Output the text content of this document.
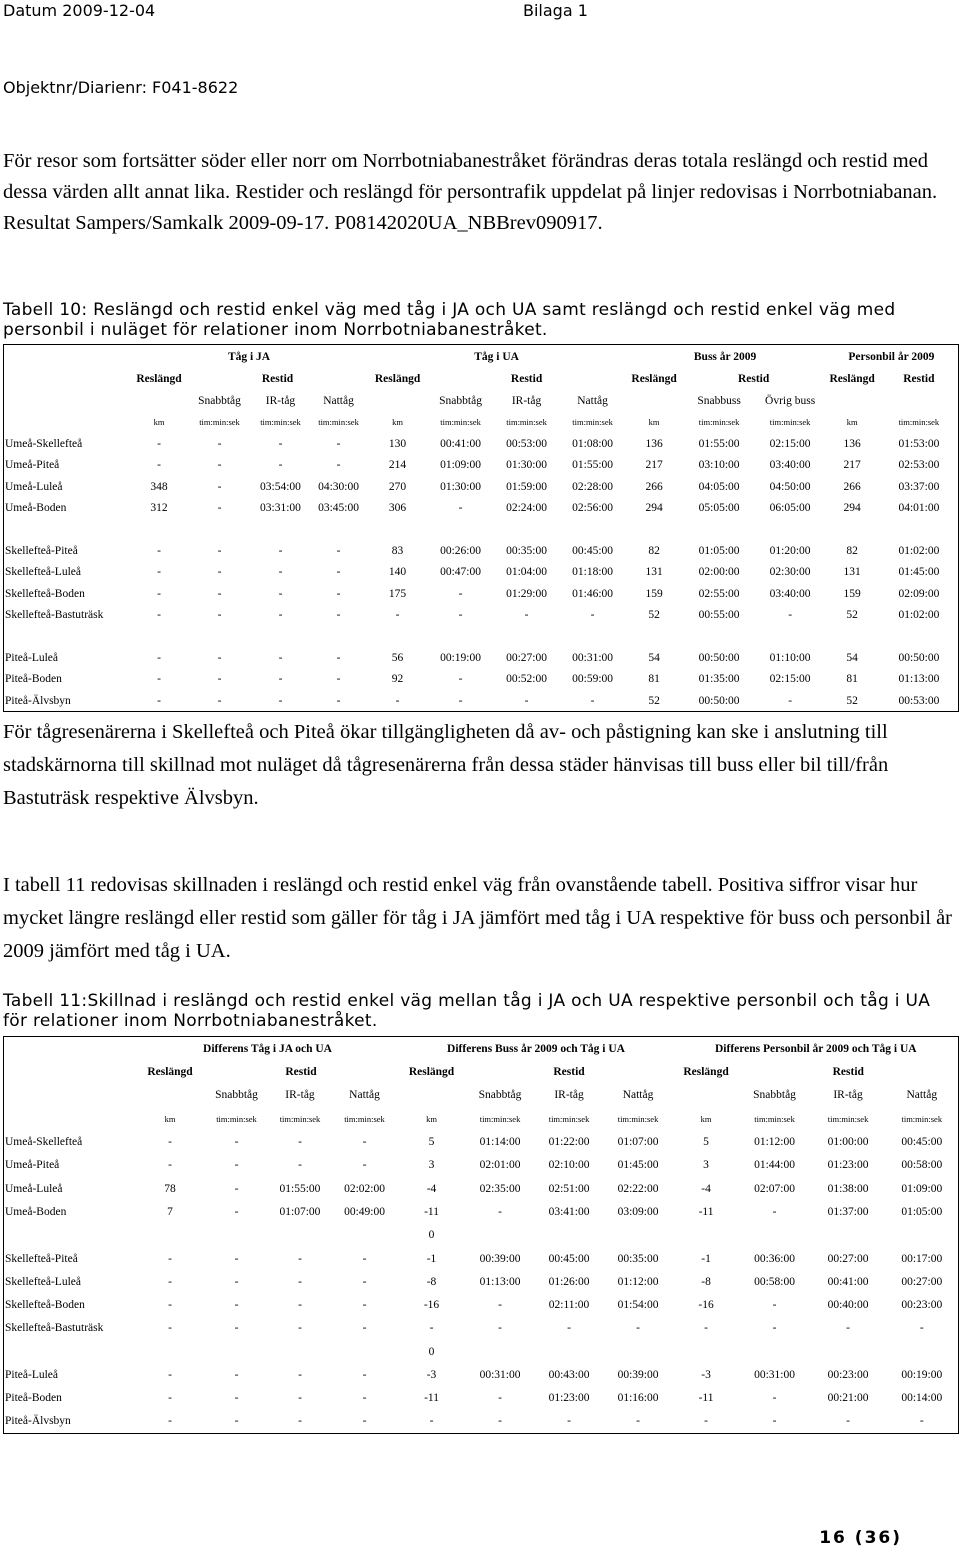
Datum 2009-12-04	Bilaga 1
Objektnr/Diarienr: F041-8622
För resor som fortsätter söder eller norr om Norrbotniabanestråket förändras deras totala reslängd och restid med dessa värden allt annat lika. Restider och reslängd för persontrafik uppdelat på linjer redovisas i Norrbotniabanan. Resultat Sampers/Samkalk 2009-09-17. P08142020UA_NBBrev090917.
Tabell 10: Reslängd och restid enkel väg med tåg i JA och UA samt reslängd och restid enkel väg med personbil i nuläget för relationer inom Norrbotniabanestråket.
	Tåg i JA				Tåg i UA				Buss år 2009			Personbil år 2009	
	Reslängd	Restid			Reslängd	Restid			Reslängd	Restid		Reslängd	Restid
		Snabbtåg	IR-tåg	Nattåg		Snabbtåg	IR-tåg	Nattåg		Snabbuss	Övrig buss		
	km	tim:min:sek	tim:min:sek	tim:min:sek	km	tim:min:sek	tim:min:sek	tim:min:sek	km	tim:min:sek	tim:min:sek	km	tim:min:sek
Umeå-Skellefteå	-	-	-	-	130	00:41:00	00:53:00	01:08:00	136	01:55:00	02:15:00	136	01:53:00
Umeå-Piteå	-	-	-	-	214	01:09:00	01:30:00	01:55:00	217	03:10:00	03:40:00	217	02:53:00
Umeå-Luleå	348	-	03:54:00	04:30:00	270	01:30:00	01:59:00	02:28:00	266	04:05:00	04:50:00	266	03:37:00
Umeå-Boden	312	-	03:31:00	03:45:00	306	-	02:24:00	02:56:00	294	05:05:00	06:05:00	294	04:01:00

Skellefteå-Piteå	-	-	-	-	83	00:26:00	00:35:00	00:45:00	82	01:05:00	01:20:00	82	01:02:00
Skellefteå-Luleå	-	-	-	-	140	00:47:00	01:04:00	01:18:00	131	02:00:00	02:30:00	131	01:45:00
Skellefteå-Boden	-	-	-	-	175	-	01:29:00	01:46:00	159	02:55:00	03:40:00	159	02:09:00
Skellefteå-Bastuträsk	-	-	-	-	-	-	-	-	52	00:55:00	-	52	01:02:00

Piteå-Luleå	-	-	-	-	56	00:19:00	00:27:00	00:31:00	54	00:50:00	01:10:00	54	00:50:00
Piteå-Boden	-	-	-	-	92	-	00:52:00	00:59:00	81	01:35:00	02:15:00	81	01:13:00
Piteå-Älvsbyn	-	-	-	-	-	-	-	-	52	00:50:00	-	52	00:53:00
För tågresenärerna i Skellefteå och Piteå ökar tillgängligheten då av- och påstigning kan ske i anslutning till stadskärnorna till skillnad mot nuläget då tågresenärerna från dessa städer hänvisas till buss eller bil till/från Bastuträsk respektive Älvsbyn.
I tabell 11 redovisas skillnaden i reslängd och restid enkel väg från ovanstående tabell. Positiva siffror visar hur mycket längre reslängd eller restid som gäller för tåg i JA jämfört med tåg i UA respektive för buss och personbil år 2009 jämfört med tåg i UA.
Tabell 11:Skillnad i reslängd och restid enkel väg mellan tåg i JA och UA respektive personbil och tåg i UA för relationer inom Norrbotniabanestråket.
	Differens Tåg i JA och UA				Differens Buss år 2009 och Tåg i UA				Differens Personbil år 2009 och Tåg i UA			
	Reslängd	Restid			Reslängd	Restid			Reslängd	Restid		
		Snabbtåg	IR-tåg	Nattåg		Snabbtåg	IR-tåg	Nattåg		Snabbtåg	IR-tåg	Nattåg
	km	tim:min:sek	tim:min:sek	tim:min:sek	km	tim:min:sek	tim:min:sek	tim:min:sek	km	tim:min:sek	tim:min:sek	tim:min:sek
Umeå-Skellefteå	-	-	-	-	5	01:14:00	01:22:00	01:07:00	5	01:12:00	01:00:00	00:45:00
Umeå-Piteå	-	-	-	-	3	02:01:00	02:10:00	01:45:00	3	01:44:00	01:23:00	00:58:00
Umeå-Luleå	78	-	01:55:00	02:02:00	-4	02:35:00	02:51:00	02:22:00	-4	02:07:00	01:38:00	01:09:00
Umeå-Boden	7	-	01:07:00	00:49:00	-11	-	03:41:00	03:09:00	-11	-	01:37:00	01:05:00
					0							
Skellefteå-Piteå	-	-	-	-	-1	00:39:00	00:45:00	00:35:00	-1	00:36:00	00:27:00	00:17:00
Skellefteå-Luleå	-	-	-	-	-8	01:13:00	01:26:00	01:12:00	-8	00:58:00	00:41:00	00:27:00
Skellefteå-Boden	-	-	-	-	-16	-	02:11:00	01:54:00	-16	-	00:40:00	00:23:00
Skellefteå-Bastuträsk	-	-	-	-	-	-	-	-	-	-	-	-
					0							
Piteå-Luleå	-	-	-	-	-3	00:31:00	00:43:00	00:39:00	-3	00:31:00	00:23:00	00:19:00
Piteå-Boden	-	-	-	-	-11	-	01:23:00	01:16:00	-11	-	00:21:00	00:14:00
Piteå-Älvsbyn	-	-	-	-	-	-	-	-	-	-	-	-
16 (36)
